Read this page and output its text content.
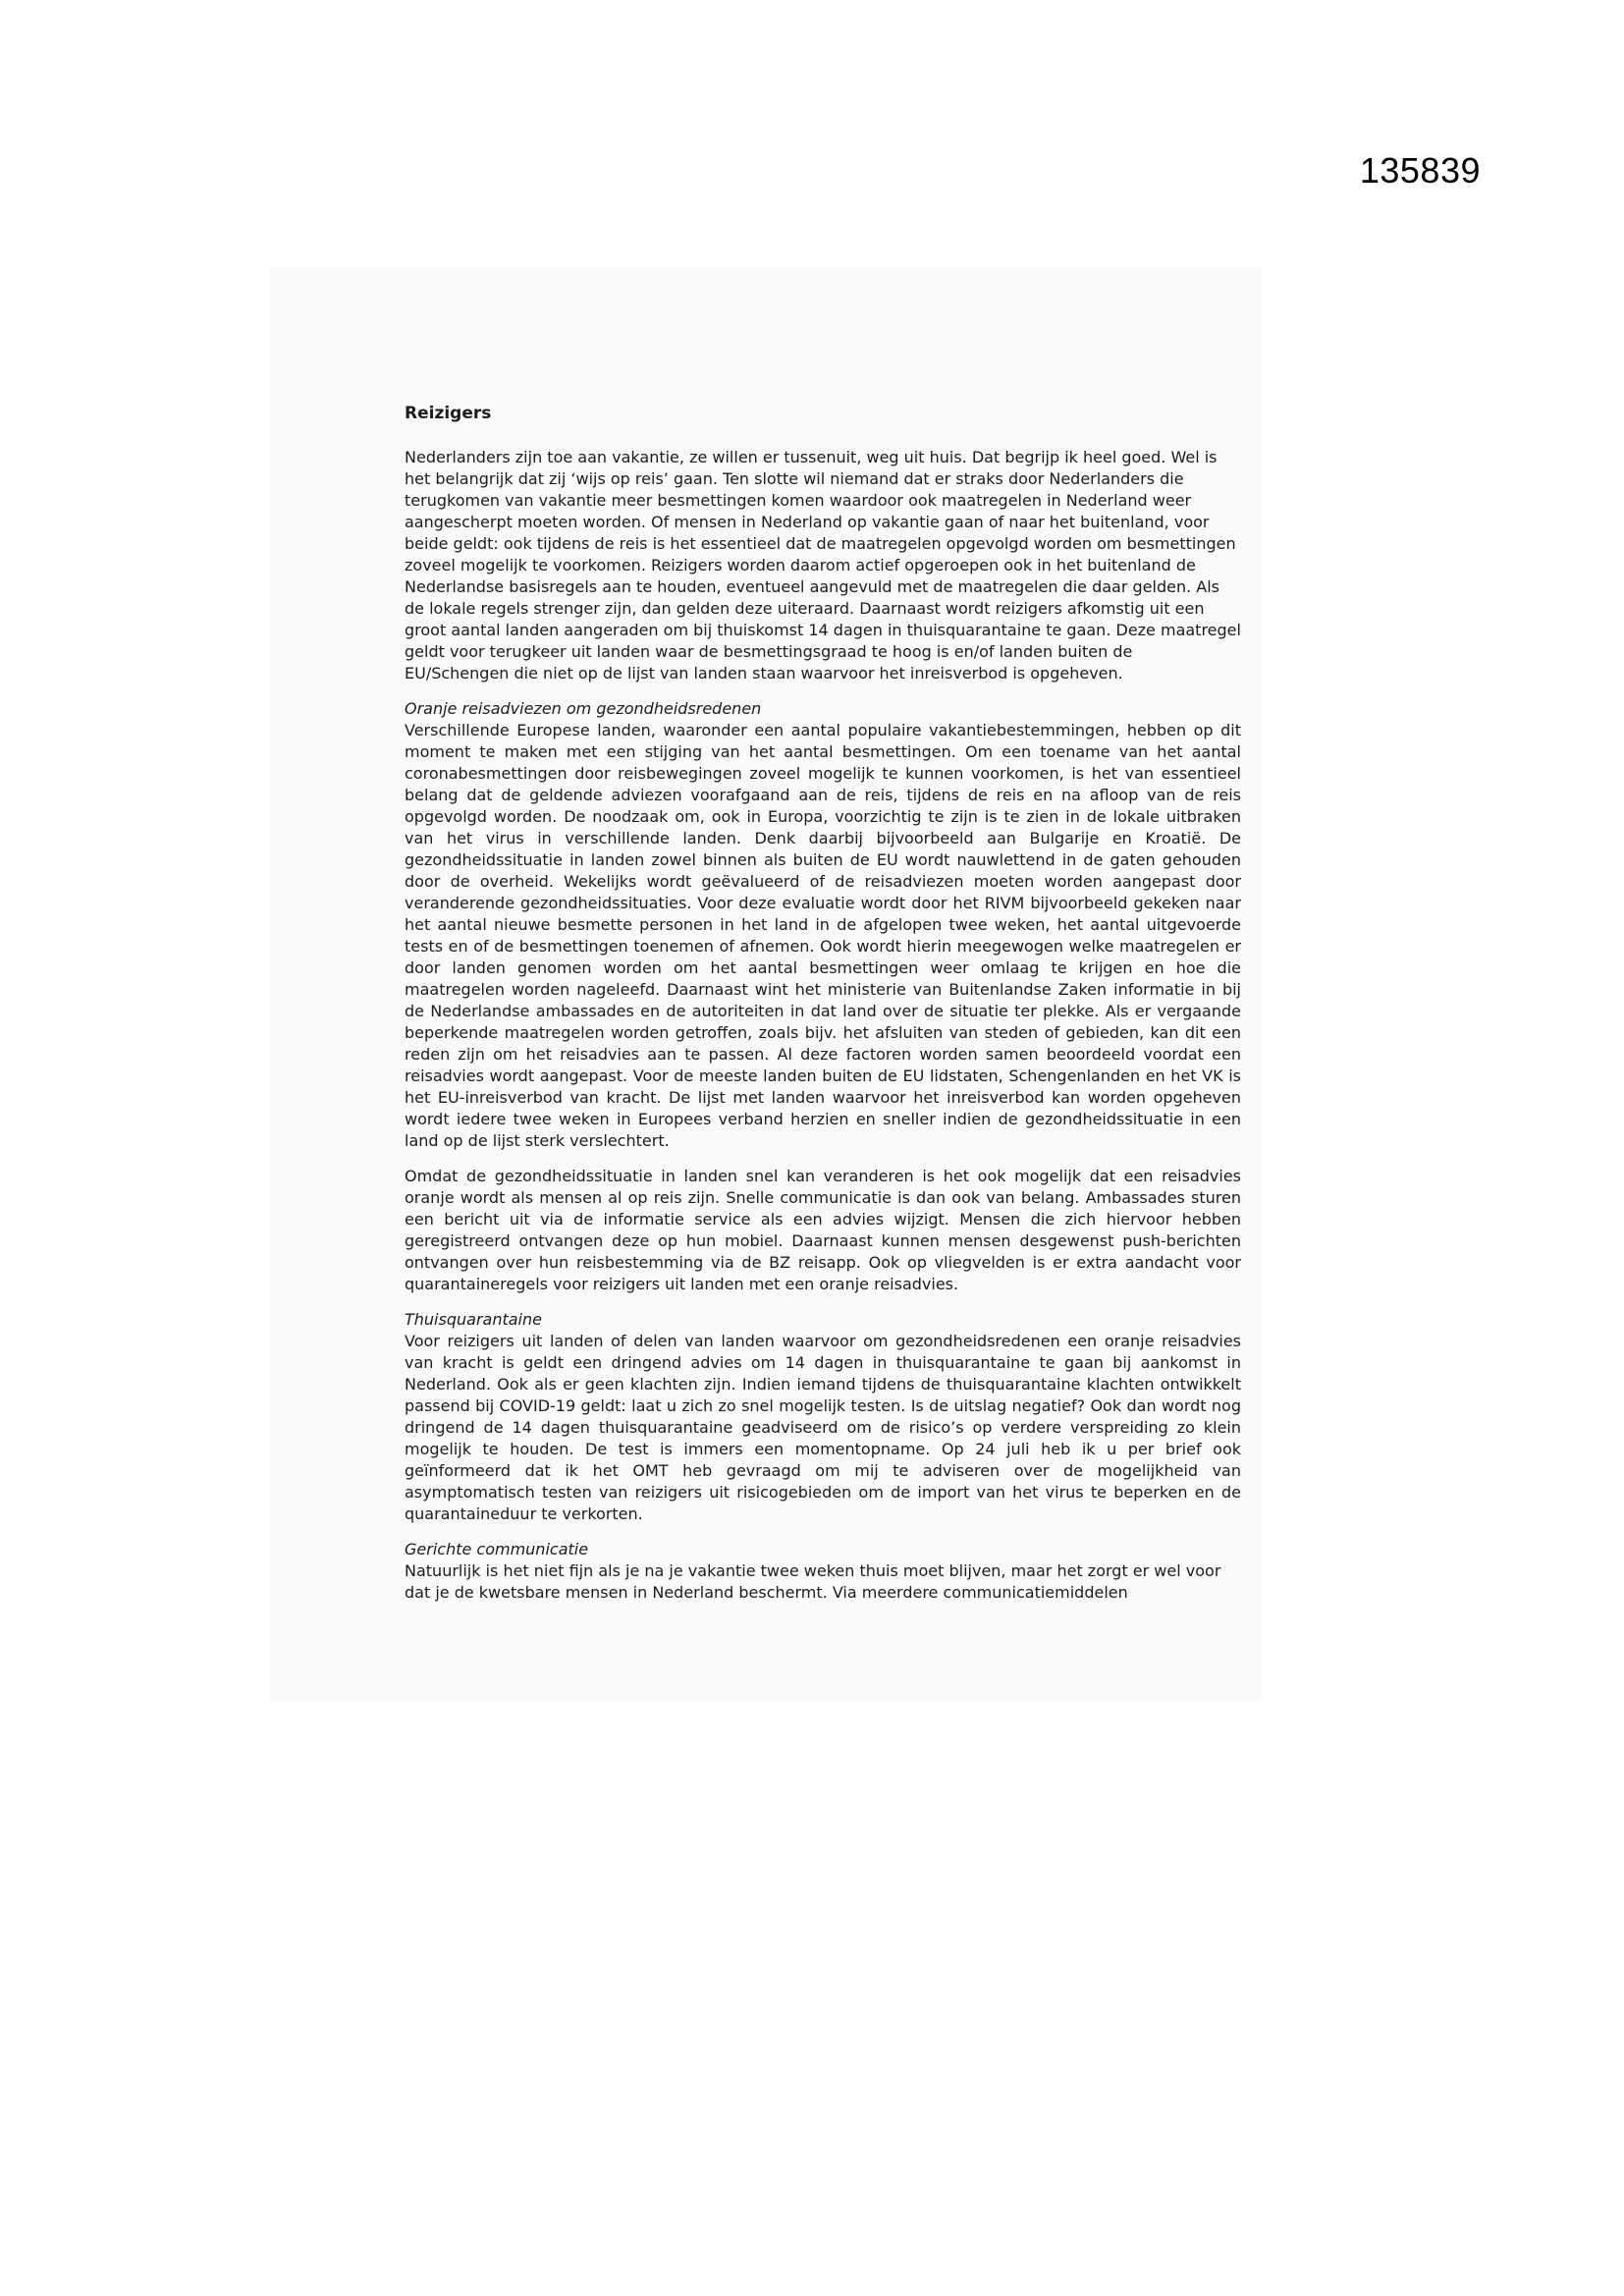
135839

Reizigers

Nederlanders zijn toe aan vakantie, ze willen er tussenuit, weg uit huis. Dat begrijp ik heel goed. Wel is het belangrijk dat zij ‘wijs op reis’ gaan. Ten slotte wil niemand dat er straks door Nederlanders die terugkomen van vakantie meer besmettingen komen waardoor ook maatregelen in Nederland weer aangescherpt moeten worden. Of mensen in Nederland op vakantie gaan of naar het buitenland, voor beide geldt: ook tijdens de reis is het essentieel dat de maatregelen opgevolgd worden om besmettingen zoveel mogelijk te voorkomen. Reizigers worden daarom actief opgeroepen ook in het buitenland de Nederlandse basisregels aan te houden, eventueel aangevuld met de maatregelen die daar gelden. Als de lokale regels strenger zijn, dan gelden deze uiteraard. Daarnaast wordt reizigers afkomstig uit een groot aantal landen aangeraden om bij thuiskomst 14 dagen in thuisquarantaine te gaan. Deze maatregel geldt voor terugkeer uit landen waar de besmettingsgraad te hoog is en/of landen buiten de EU/Schengen die niet op de lijst van landen staan waarvoor het inreisverbod is opgeheven.

Oranje reisadviezen om gezondheidsredenen

Verschillende Europese landen, waaronder een aantal populaire vakantiebestemmingen, hebben op dit moment te maken met een stijging van het aantal besmettingen. Om een toename van het aantal coronabesmettingen door reisbewegingen zoveel mogelijk te kunnen voorkomen, is het van essentieel belang dat de geldende adviezen voorafgaand aan de reis, tijdens de reis en na afloop van de reis opgevolgd worden. De noodzaak om, ook in Europa, voorzichtig te zijn is te zien in de lokale uitbraken van het virus in verschillende landen. Denk daarbij bijvoorbeeld aan Bulgarije en Kroatië. De gezondheidssituatie in landen zowel binnen als buiten de EU wordt nauwlettend in de gaten gehouden door de overheid. Wekelijks wordt geëvalueerd of de reisadviezen moeten worden aangepast door veranderende gezondheidssituaties. Voor deze evaluatie wordt door het RIVM bijvoorbeeld gekeken naar het aantal nieuwe besmette personen in het land in de afgelopen twee weken, het aantal uitgevoerde tests en of de besmettingen toenemen of afnemen. Ook wordt hierin meegewogen welke maatregelen er door landen genomen worden om het aantal besmettingen weer omlaag te krijgen en hoe die maatregelen worden nageleefd. Daarnaast wint het ministerie van Buitenlandse Zaken informatie in bij de Nederlandse ambassades en de autoriteiten in dat land over de situatie ter plekke. Als er vergaande beperkende maatregelen worden getroffen, zoals bijv. het afsluiten van steden of gebieden, kan dit een reden zijn om het reisadvies aan te passen. Al deze factoren worden samen beoordeeld voordat een reisadvies wordt aangepast. Voor de meeste landen buiten de EU lidstaten, Schengenlanden en het VK is het EU-inreisverbod van kracht. De lijst met landen waarvoor het inreisverbod kan worden opgeheven wordt iedere twee weken in Europees verband herzien en sneller indien de gezondheidssituatie in een land op de lijst sterk verslechtert.

Omdat de gezondheidssituatie in landen snel kan veranderen is het ook mogelijk dat een reisadvies oranje wordt als mensen al op reis zijn. Snelle communicatie is dan ook van belang. Ambassades sturen een bericht uit via de informatie service als een advies wijzigt. Mensen die zich hiervoor hebben geregistreerd ontvangen deze op hun mobiel. Daarnaast kunnen mensen desgewenst push-berichten ontvangen over hun reisbestemming via de BZ reisapp. Ook op vliegvelden is er extra aandacht voor quarantaineregels voor reizigers uit landen met een oranje reisadvies.

Thuisquarantaine

Voor reizigers uit landen of delen van landen waarvoor om gezondheidsredenen een oranje reisadvies van kracht is geldt een dringend advies om 14 dagen in thuisquarantaine te gaan bij aankomst in Nederland. Ook als er geen klachten zijn. Indien iemand tijdens de thuisquarantaine klachten ontwikkelt passend bij COVID-19 geldt: laat u zich zo snel mogelijk testen. Is de uitslag negatief? Ook dan wordt nog dringend de 14 dagen thuisquarantaine geadviseerd om de risico’s op verdere verspreiding zo klein mogelijk te houden. De test is immers een momentopname. Op 24 juli heb ik u per brief ook geïnformeerd dat ik het OMT heb gevraagd om mij te adviseren over de mogelijkheid van asymptomatisch testen van reizigers uit risicogebieden om de import van het virus te beperken en de quarantaineduur te verkorten.

Gerichte communicatie

Natuurlijk is het niet fijn als je na je vakantie twee weken thuis moet blijven, maar het zorgt er wel voor dat je de kwetsbare mensen in Nederland beschermt. Via meerdere communicatiemiddelen
